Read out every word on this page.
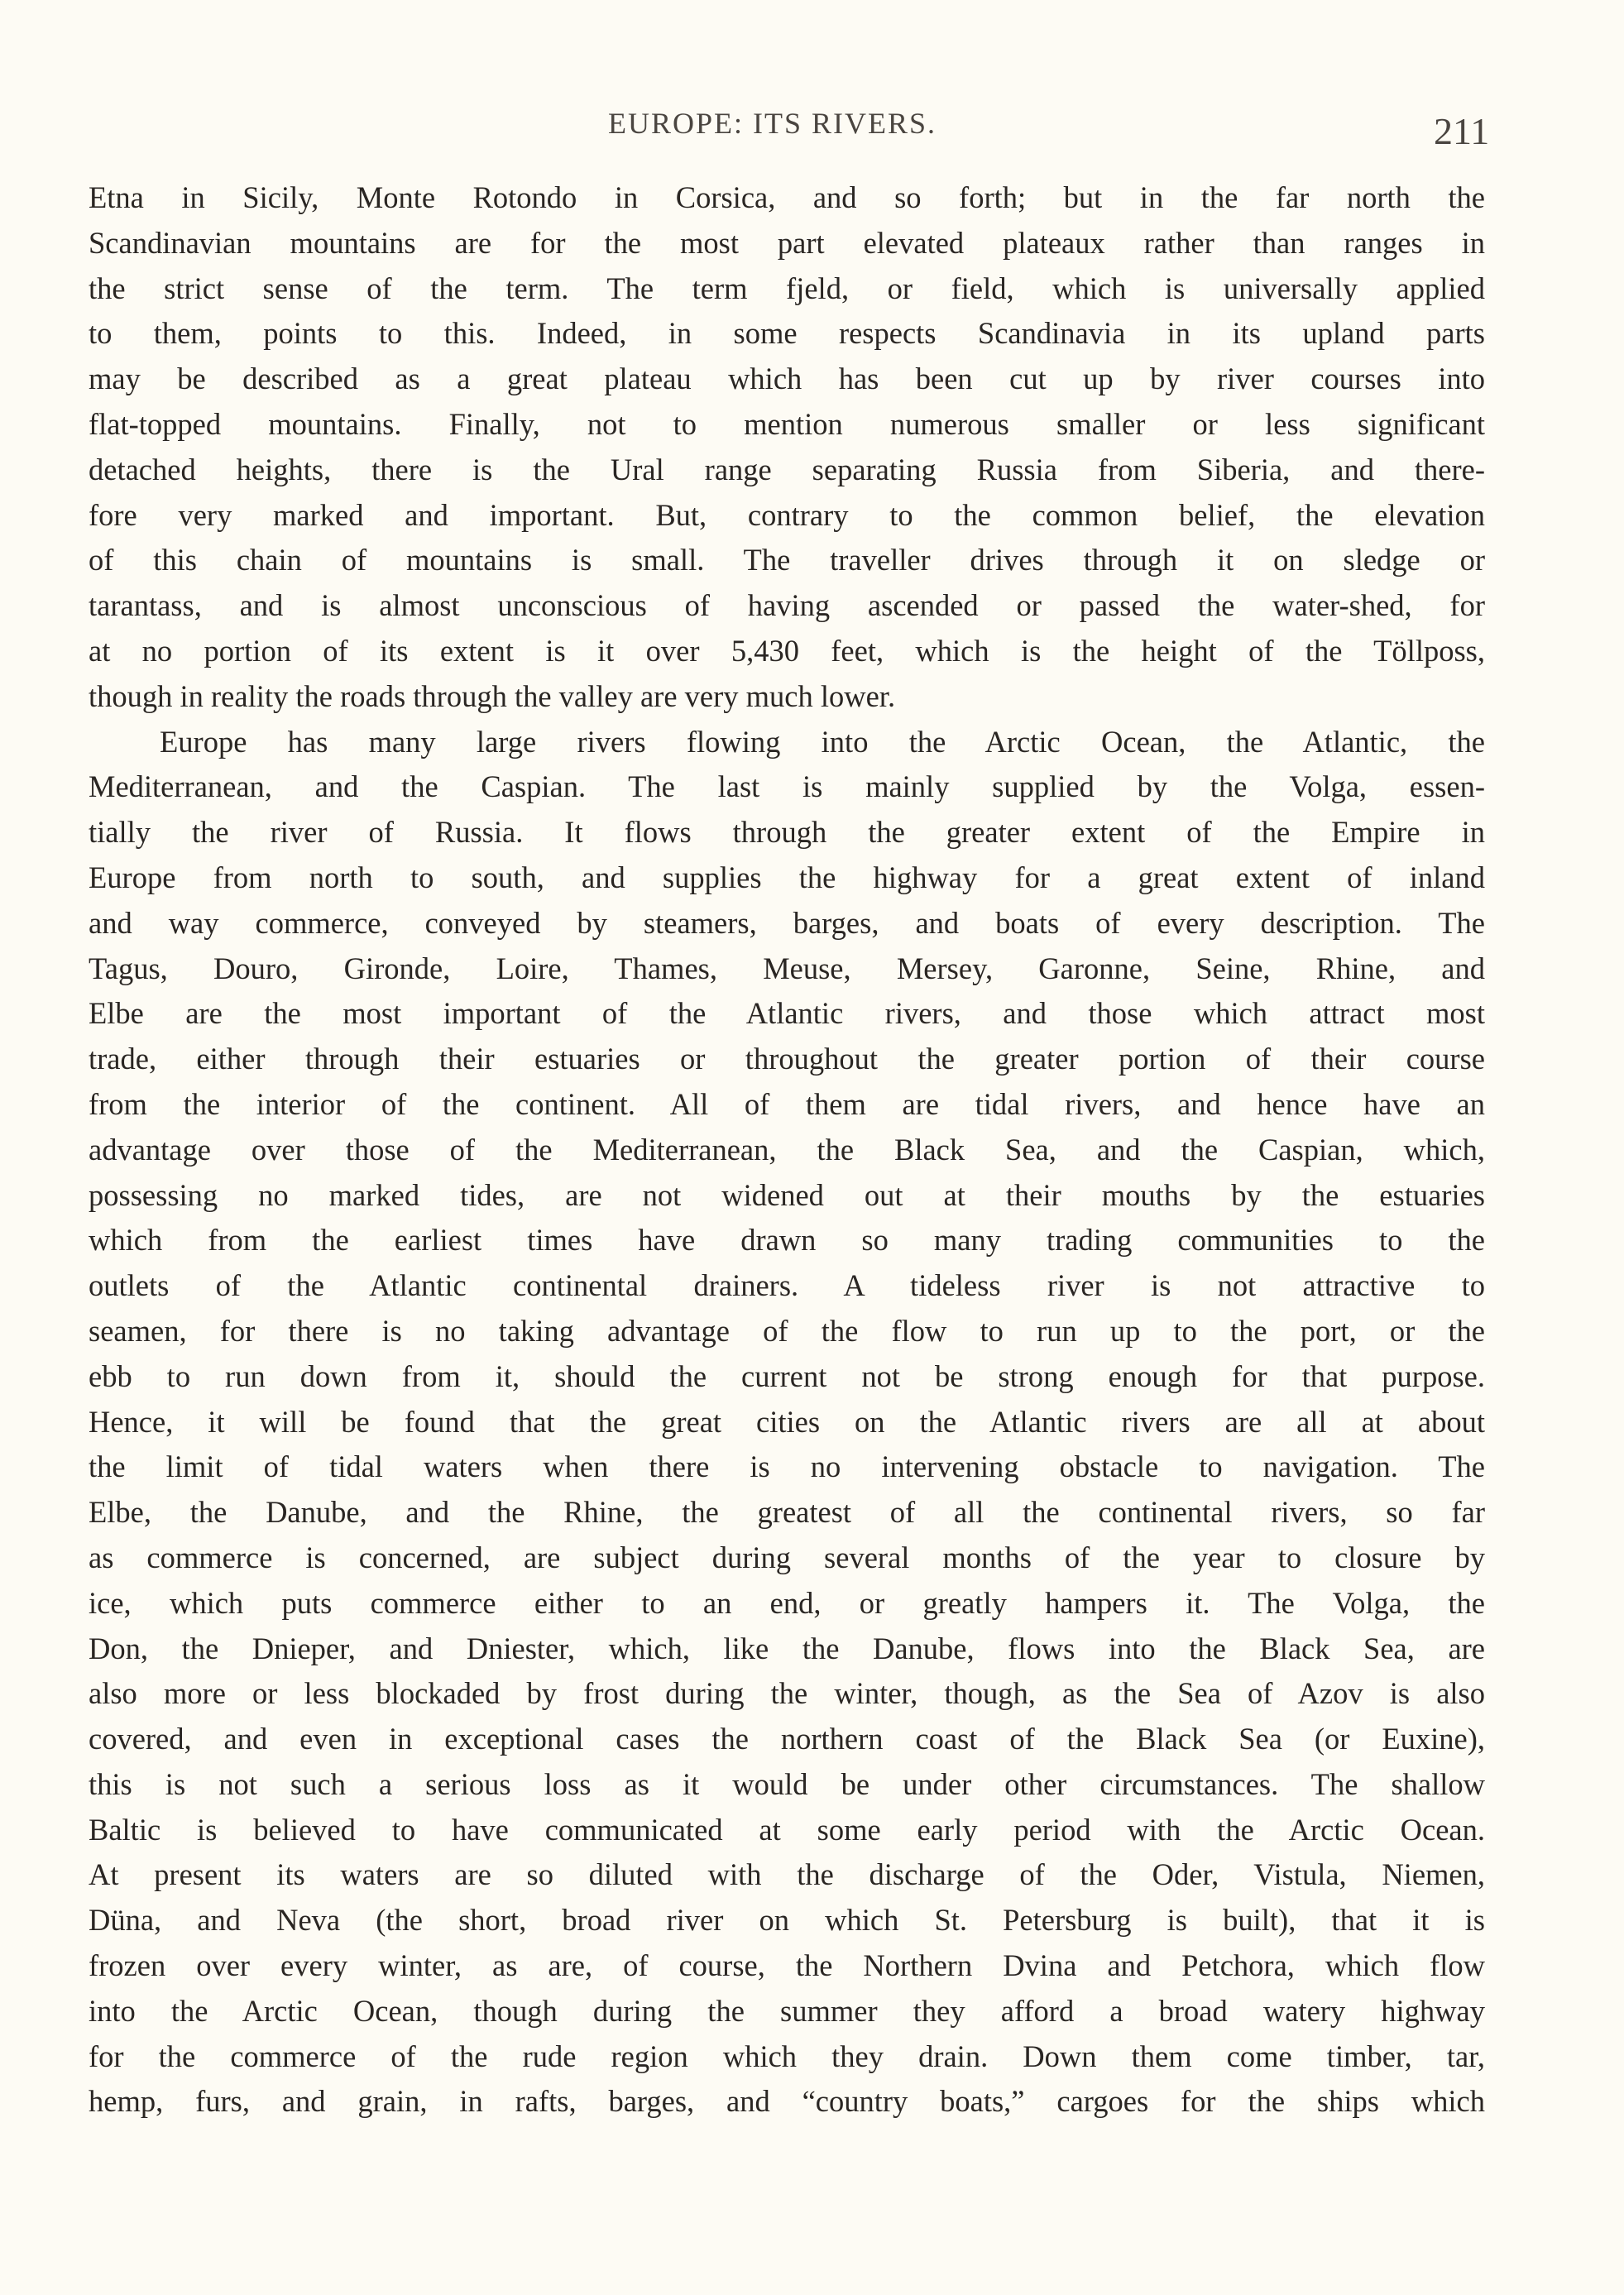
EUROPE: ITS RIVERS.	211
Etna in Sicily, Monte Rotondo in Corsica, and so forth; but in the far north the
Scandinavian mountains are for the most part elevated plateaux rather than ranges in
the strict sense of the term. The term fjeld, or field, which is universally applied
to them, points to this. Indeed, in some respects Scandinavia in its upland parts
may be described as a great plateau which has been cut up by river courses into
flat-topped mountains. Finally, not to mention numerous smaller or less significant
detached heights, there is the Ural range separating Russia from Siberia, and there-
fore very marked and important. But, contrary to the common belief, the elevation
of this chain of mountains is small. The traveller drives through it on sledge or
tarantass, and is almost unconscious of having ascended or passed the water-shed, for
at no portion of its extent is it over 5,430 feet, which is the height of the Töllposs,
though in reality the roads through the valley are very much lower.
Europe has many large rivers flowing into the Arctic Ocean, the Atlantic, the
Mediterranean, and the Caspian. The last is mainly supplied by the Volga, essen-
tially the river of Russia. It flows through the greater extent of the Empire in
Europe from north to south, and supplies the highway for a great extent of inland
and way commerce, conveyed by steamers, barges, and boats of every description. The
Tagus, Douro, Gironde, Loire, Thames, Meuse, Mersey, Garonne, Seine, Rhine, and
Elbe are the most important of the Atlantic rivers, and those which attract most
trade, either through their estuaries or throughout the greater portion of their course
from the interior of the continent. All of them are tidal rivers, and hence have an
advantage over those of the Mediterranean, the Black Sea, and the Caspian, which,
possessing no marked tides, are not widened out at their mouths by the estuaries
which from the earliest times have drawn so many trading communities to the
outlets of the Atlantic continental drainers. A tideless river is not attractive to
seamen, for there is no taking advantage of the flow to run up to the port, or the
ebb to run down from it, should the current not be strong enough for that purpose.
Hence, it will be found that the great cities on the Atlantic rivers are all at about
the limit of tidal waters when there is no intervening obstacle to navigation. The
Elbe, the Danube, and the Rhine, the greatest of all the continental rivers, so far
as commerce is concerned, are subject during several months of the year to closure by
ice, which puts commerce either to an end, or greatly hampers it. The Volga, the
Don, the Dnieper, and Dniester, which, like the Danube, flows into the Black Sea, are
also more or less blockaded by frost during the winter, though, as the Sea of Azov is also
covered, and even in exceptional cases the northern coast of the Black Sea (or Euxine),
this is not such a serious loss as it would be under other circumstances. The shallow
Baltic is believed to have communicated at some early period with the Arctic Ocean.
At present its waters are so diluted with the discharge of the Oder, Vistula, Niemen,
Düna, and Neva (the short, broad river on which St. Petersburg is built), that it is
frozen over every winter, as are, of course, the Northern Dvina and Petchora, which flow
into the Arctic Ocean, though during the summer they afford a broad watery highway
for the commerce of the rude region which they drain. Down them come timber, tar,
hemp, furs, and grain, in rafts, barges, and “country boats,” cargoes for the ships which
